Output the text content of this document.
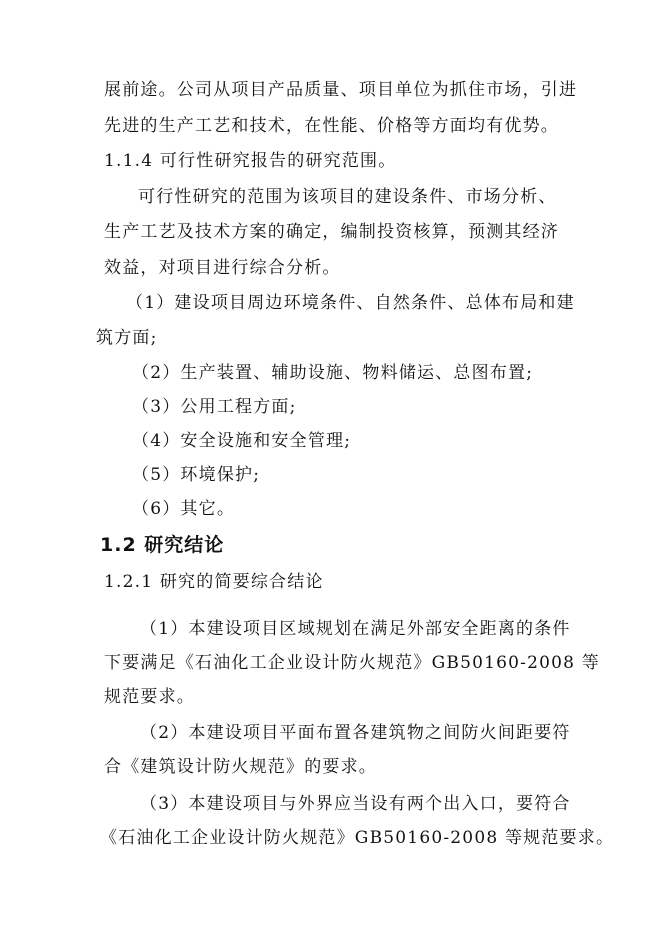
展前途。公司从项目产品质量、项目单位为抓住市场，引进
先进的生产工艺和技术，在性能、价格等方面均有优势。
1.1.4 可行性研究报告的研究范围。
可行性研究的范围为该项目的建设条件、市场分析、
生产工艺及技术方案的确定，编制投资核算，预测其经济
效益，对项目进行综合分析。
（1）建设项目周边环境条件、自然条件、总体布局和建
筑方面;
（2）生产装置、辅助设施、物料储运、总图布置;
（3）公用工程方面;
（4）安全设施和安全管理;
（5）环境保护;
（6）其它。
1.2 研究结论
1.2.1 研究的简要综合结论
（1）本建设项目区域规划在满足外部安全距离的条件
下要满足《石油化工企业设计防火规范》GB50160-2008 等
规范要求。
（2）本建设项目平面布置各建筑物之间防火间距要符
合《建筑设计防火规范》的要求。
（3）本建设项目与外界应当设有两个出入口，要符合
《石油化工企业设计防火规范》GB50160-2008 等规范要求。
